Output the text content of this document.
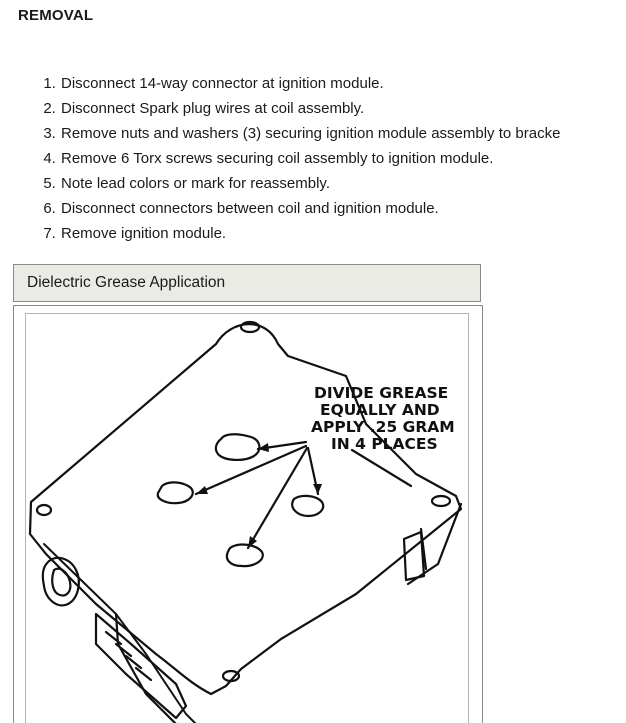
REMOVAL
1. Disconnect 14-way connector at ignition module.
2. Disconnect Spark plug wires at coil assembly.
3. Remove nuts and washers (3) securing ignition module assembly to bracke
4. Remove 6 Torx screws securing coil assembly to ignition module.
5. Note lead colors or mark for reassembly.
6. Disconnect connectors between coil and ignition module.
7. Remove ignition module.
Dielectric Grease Application
DIVIDE GREASE
EQUALLY AND
APPLY .25 GRAM
IN 4 PLACES
